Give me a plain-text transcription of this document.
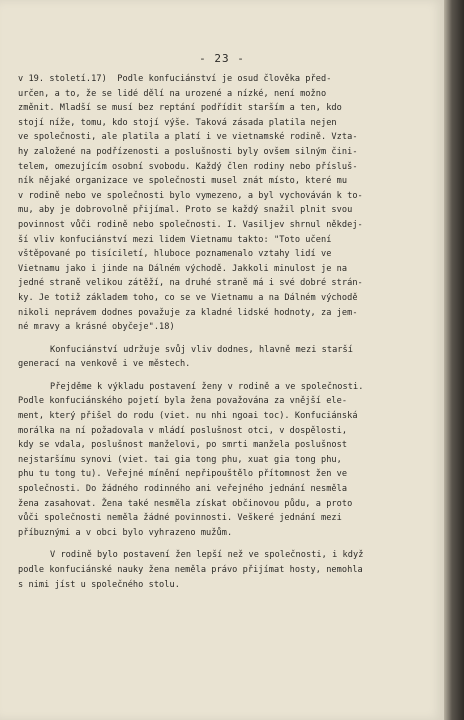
- 23 -
v 19. století.17)  Podle konfuciánství je osud člověka před-
určen, a to, že se lidé dělí na urozené a nízké, není možno
změnit. Mladší se musí bez reptání podřídit starším a ten, kdo
stojí níže, tomu, kdo stojí výše. Taková zásada platila nejen
ve společnosti, ale platila a platí i ve vietnamské rodině. Vzta-
hy založené na podřízenosti a poslušnosti byly ovšem silným čini-
telem, omezujícím osobní svobodu. Každý člen rodiny nebo přísluš-
ník nějaké organizace ve společnosti musel znát místo, které mu
v rodině nebo ve společnosti bylo vymezeno, a byl vychováván k to-
mu, aby je dobrovolně přijímal. Proto se každý snažil plnit svou
povinnost vůči rodině nebo společnosti. I. Vasiljev shrnul někdej-
ší vliv konfuciánství mezi lidem Vietnamu takto: "Toto učení
vštěpované po tisíciletí, hluboce poznamenalo vztahy lidí ve
Vietnamu jako i jinde na Dálném východě. Jakkoli minulost je na
jedné straně velikou zátěží, na druhé straně má i své dobré strán-
ky. Je totiž základem toho, co se ve Vietnamu a na Dálném východě
nikoli neprávem dodnes považuje za kladné lidské hodnoty, za jem-
né mravy a krásné obyčeje".18)
Konfuciánství udržuje svůj vliv dodnes, hlavně mezi starší
generací na venkově i ve městech.
Přejděme k výkladu postavení ženy v rodině a ve společnosti.
Podle konfuciánského pojetí byla žena považována za vnější ele-
ment, který přišel do rodu (viet. nu nhi ngoai toc). Konfuciánská
morálka na ní požadovala v mládí poslušnost otci, v dospělosti,
kdy se vdala, poslušnost manželovi, po smrti manžela poslušnost
nejstaršímu synovi (viet. tai gia tong phu, xuat gia tong phu,
phu tu tong tu). Veřejné mínění nepřipouštělo přítomnost žen ve
společnosti. Do žádného rodinného ani veřejného jednání nesměla
žena zasahovat. Žena také nesměla získat občinovou půdu, a proto
vůči společnosti neměla žádné povinnosti. Veškeré jednání mezi
příbuznými a v obci bylo vyhrazeno mužům.
V rodině bylo postavení žen lepší než ve společnosti, i když
podle konfuciánské nauky žena neměla právo přijímat hosty, nemohla
s nimi jíst u společného stolu.
